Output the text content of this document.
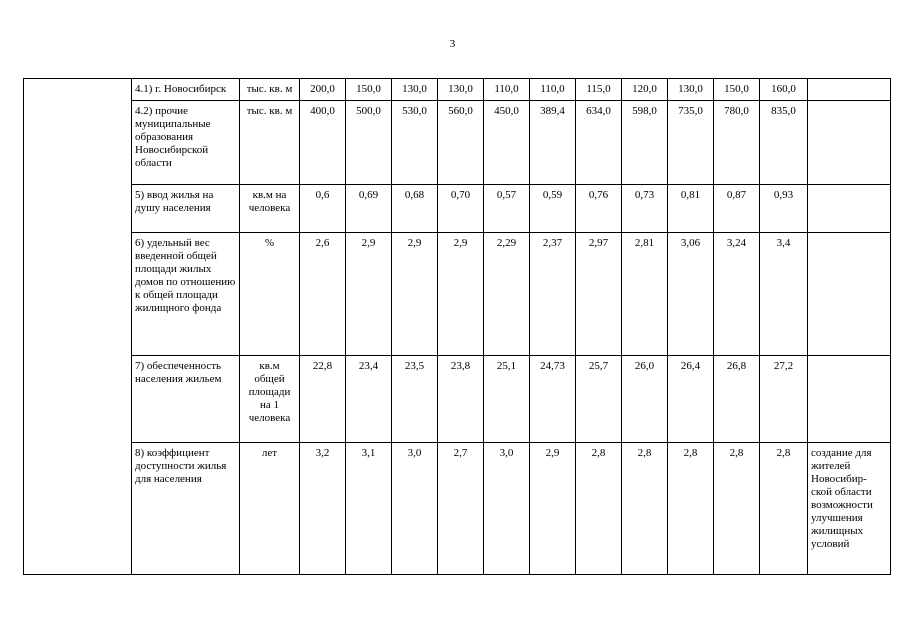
3
	4.1) г. Новосибирск	тыс. кв. м	200,0	150,0	130,0	130,0	110,0	110,0	115,0	120,0	130,0	150,0	160,0	
	4.2) прочие муниципальные образования Новосибирской области	тыс. кв. м	400,0	500,0	530,0	560,0	450,0	389,4	634,0	598,0	735,0	780,0	835,0	
	5) ввод жилья на душу населения	кв.м на человека	0,6	0,69	0,68	0,70	0,57	0,59	0,76	0,73	0,81	0,87	0,93	
	6) удельный вес введенной общей площади жилых домов по отношению к общей площади жилищного фонда	%	2,6	2,9	2,9	2,9	2,29	2,37	2,97	2,81	3,06	3,24	3,4	
	7) обеспеченность населения жильем	кв.м общей площади на 1 человека	22,8	23,4	23,5	23,8	25,1	24,73	25,7	26,0	26,4	26,8	27,2	
	8) коэффициент доступности жилья для населения	лет	3,2	3,1	3,0	2,7	3,0	2,9	2,8	2,8	2,8	2,8	2,8	создание для жителей Новосибир-ской области возможности улучшения жилищных условий
